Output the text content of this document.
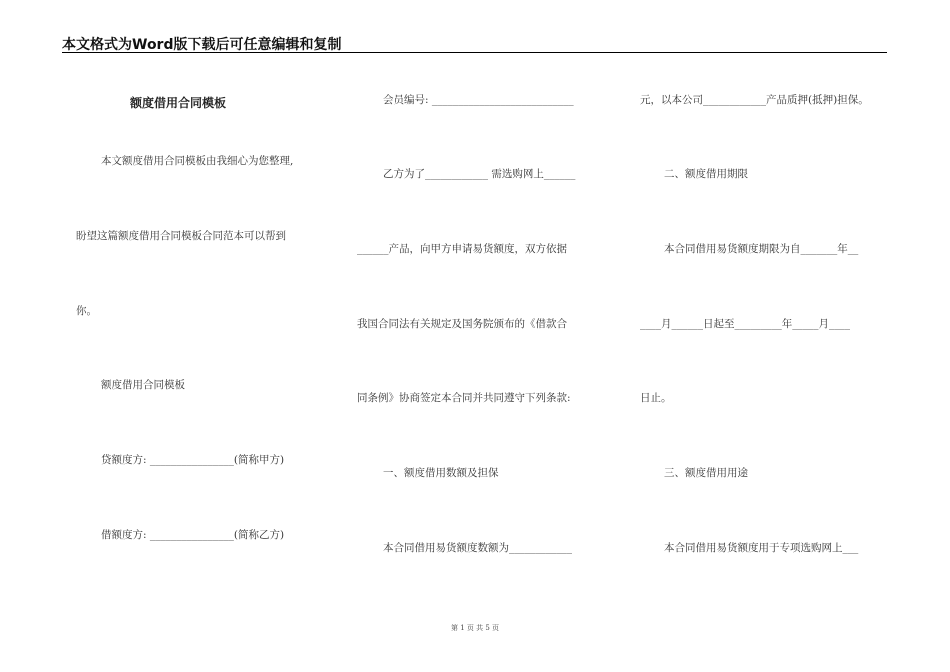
本文格式为Word版下载后可任意编辑和复制
额度借用合同模板
本文额度借用合同模板由我细心为您整理,
盼望这篇额度借用合同模板合同范本可以帮到
你。
额度借用合同模板
贷额度方: ________________(简称甲方)
借额度方: ________________(简称乙方)
会员编号: ___________________________
乙方为了____________ 需选购网上______
______产品，向甲方申请易货额度，双方依据
我国合同法有关规定及国务院颁布的《借款合
同条例》协商签定本合同并共同遵守下列条款:
一、额度借用数额及担保
本合同借用易货额度数额为____________
元，以本公司____________产品质押(抵押)担保。
二、额度借用期限
本合同借用易货额度期限为自_______年__
____月______日起至_________年_____月____
日止。
三、额度借用用途
本合同借用易货额度用于专项选购网上___
第 1 页 共 5 页
